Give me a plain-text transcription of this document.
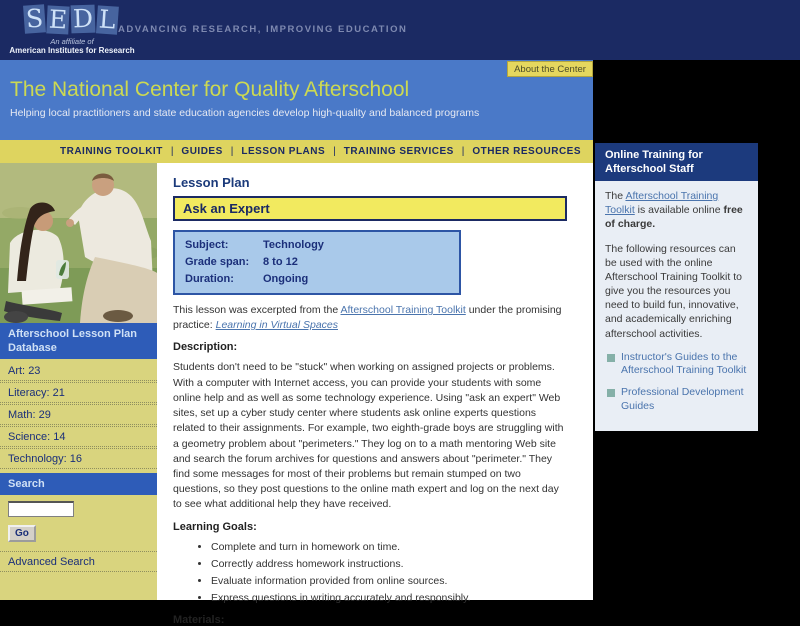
S E D L
An affiliate of
American Institutes for Research
ADVANCING RESEARCH, IMPROVING EDUCATION
About the Center
The National Center for Quality Afterschool
Helping local practitioners and state education agencies develop high-quality and balanced programs
TRAINING TOOLKIT | GUIDES | LESSON PLANS | TRAINING SERVICES | OTHER RESOURCES
Afterschool Lesson Plan Database
Art: 23
Literacy: 21
Math: 29
Science: 14
Technology: 16
Search
Go
Advanced Search
Lesson Plan
Ask an Expert
Subject:	Technology
Grade span:	8 to 12
Duration:	Ongoing

This lesson was excerpted from the Afterschool Training Toolkit under the promising practice: Learning in Virtual Spaces

Description:

Students don't need to be "stuck" when working on assigned projects or problems. With a computer with Internet access, you can provide your students with some online help and as well as some technology experience. Using "ask an expert" Web sites, set up a cyber study center where students ask online experts questions related to their assignments. For example, two eighth-grade boys are struggling with a geometry problem about "perimeters." They log on to a math mentoring Web site and search the forum archives for questions and answers about "perimeter." They find some messages for most of their problems but remain stumped on two questions, so they post questions to the online math expert and log on the next day to see what additional help they have received.

Learning Goals:
• Complete and turn in homework on time.
• Correctly address homework instructions.
• Evaluate information provided from online sources.
• Express questions in writing accurately and responsibly.
Materials:
Online Training for Afterschool Staff

The Afterschool Training Toolkit is available online free of charge.

The following resources can be used with the online Afterschool Training Toolkit to give you the resources you need to build fun, innovative, and academically enriching afterschool activities.

Instructor's Guides to the Afterschool Training Toolkit
Professional Development Guides
